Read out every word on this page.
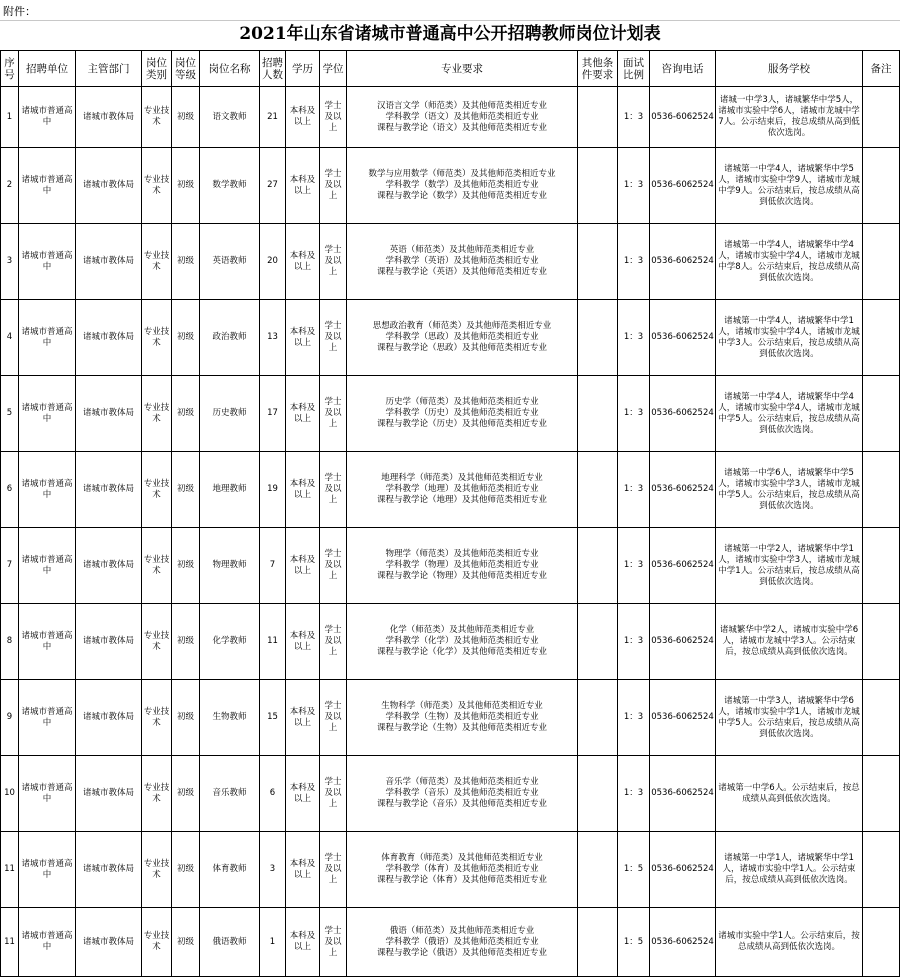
附件：
2021年山东省诸城市普通高中公开招聘教师岗位计划表
序号	招聘单位	主管部门	岗位类别	岗位等级	岗位名称	招聘人数	学历	学位	专业要求	其他条件要求	面试比例	咨询电话	服务学校	备注
1	诸城市普通高中	诸城市教体局	专业技术	初级	语文教师	21	本科及以上	学士及以上	汉语言文学（师范类）及其他师范类相近专业
学科教学（语文）及其他师范类相近专业
课程与教学论（语文）及其他师范类相近专业		1：3	0536-6062524	诸城一中学3人，诸城繁华中学5人，诸城市实验中学6人，诸城市龙城中学7人。公示结束后，按总成绩从高到低依次选岗。	
2	诸城市普通高中	诸城市教体局	专业技术	初级	数学教师	27	本科及以上	学士及以上	数学与应用数学（师范类）及其他师范类相近专业
学科教学（数学）及其他师范类相近专业
课程与教学论（数学）及其他师范类相近专业		1：3	0536-6062524	诸城第一中学4人，诸城繁华中学5人，诸城市实验中学9人，诸城市龙城中学9人。公示结束后，按总成绩从高到低依次选岗。	
3	诸城市普通高中	诸城市教体局	专业技术	初级	英语教师	20	本科及以上	学士及以上	英语（师范类）及其他师范类相近专业
学科教学（英语）及其他师范类相近专业
课程与教学论（英语）及其他师范类相近专业		1：3	0536-6062524	诸城第一中学4人，诸城繁华中学4人，诸城市实验中学4人，诸城市龙城中学8人。公示结束后，按总成绩从高到低依次选岗。	
4	诸城市普通高中	诸城市教体局	专业技术	初级	政治教师	13	本科及以上	学士及以上	思想政治教育（师范类）及其他师范类相近专业
学科教学（思政）及其他师范类相近专业
课程与教学论（思政）及其他师范类相近专业		1：3	0536-6062524	诸城第一中学4人，诸城繁华中学1人，诸城市实验中学4人，诸城市龙城中学3人。公示结束后，按总成绩从高到低依次选岗。	
5	诸城市普通高中	诸城市教体局	专业技术	初级	历史教师	17	本科及以上	学士及以上	历史学（师范类）及其他师范类相近专业
学科教学（历史）及其他师范类相近专业
课程与教学论（历史）及其他师范类相近专业		1：3	0536-6062524	诸城第一中学4人，诸城繁华中学4人，诸城市实验中学4人，诸城市龙城中学5人。公示结束后，按总成绩从高到低依次选岗。	
6	诸城市普通高中	诸城市教体局	专业技术	初级	地理教师	19	本科及以上	学士及以上	地理科学（师范类）及其他师范类相近专业
学科教学（地理）及其他师范类相近专业
课程与教学论（地理）及其他师范类相近专业		1：3	0536-6062524	诸城第一中学6人，诸城繁华中学5人，诸城市实验中学3人，诸城市龙城中学5人。公示结束后，按总成绩从高到低依次选岗。	
7	诸城市普通高中	诸城市教体局	专业技术	初级	物理教师	7	本科及以上	学士及以上	物理学（师范类）及其他师范类相近专业
学科教学（物理）及其他师范类相近专业
课程与教学论（物理）及其他师范类相近专业		1：3	0536-6062524	诸城第一中学2人，诸城繁华中学1人，诸城市实验中学3人，诸城市龙城中学1人。公示结束后，按总成绩从高到低依次选岗。	
8	诸城市普通高中	诸城市教体局	专业技术	初级	化学教师	11	本科及以上	学士及以上	化学（师范类）及其他师范类相近专业
学科教学（化学）及其他师范类相近专业
课程与教学论（化学）及其他师范类相近专业		1：3	0536-6062524	诸城繁华中学2人，诸城市实验中学6人，诸城市龙城中学3人。公示结束后，按总成绩从高到低依次选岗。	
9	诸城市普通高中	诸城市教体局	专业技术	初级	生物教师	15	本科及以上	学士及以上	生物科学（师范类）及其他师范类相近专业
学科教学（生物）及其他师范类相近专业
课程与教学论（生物）及其他师范类相近专业		1：3	0536-6062524	诸城第一中学3人，诸城繁华中学6人，诸城市实验中学1人，诸城市龙城中学5人。公示结束后，按总成绩从高到低依次选岗。	
10	诸城市普通高中	诸城市教体局	专业技术	初级	音乐教师	6	本科及以上	学士及以上	音乐学（师范类）及其他师范类相近专业
学科教学（音乐）及其他师范类相近专业
课程与教学论（音乐）及其他师范类相近专业		1：3	0536-6062524	诸城第一中学6人。公示结束后，按总成绩从高到低依次选岗。	
11	诸城市普通高中	诸城市教体局	专业技术	初级	体育教师	3	本科及以上	学士及以上	体育教育（师范类）及其他师范类相近专业
学科教学（体育）及其他师范类相近专业
课程与教学论（体育）及其他师范类相近专业		1：5	0536-6062524	诸城第一中学1人，诸城繁华中学1人，诸城市实验中学1人。公示结束后，按总成绩从高到低依次选岗。	
11	诸城市普通高中	诸城市教体局	专业技术	初级	俄语教师	1	本科及以上	学士及以上	俄语（师范类）及其他师范类相近专业
学科教学（俄语）及其他师范类相近专业
课程与教学论（俄语）及其他师范类相近专业		1：5	0536-6062524	诸城市实验中学1人。公示结束后，按总成绩从高到低依次选岗。	
